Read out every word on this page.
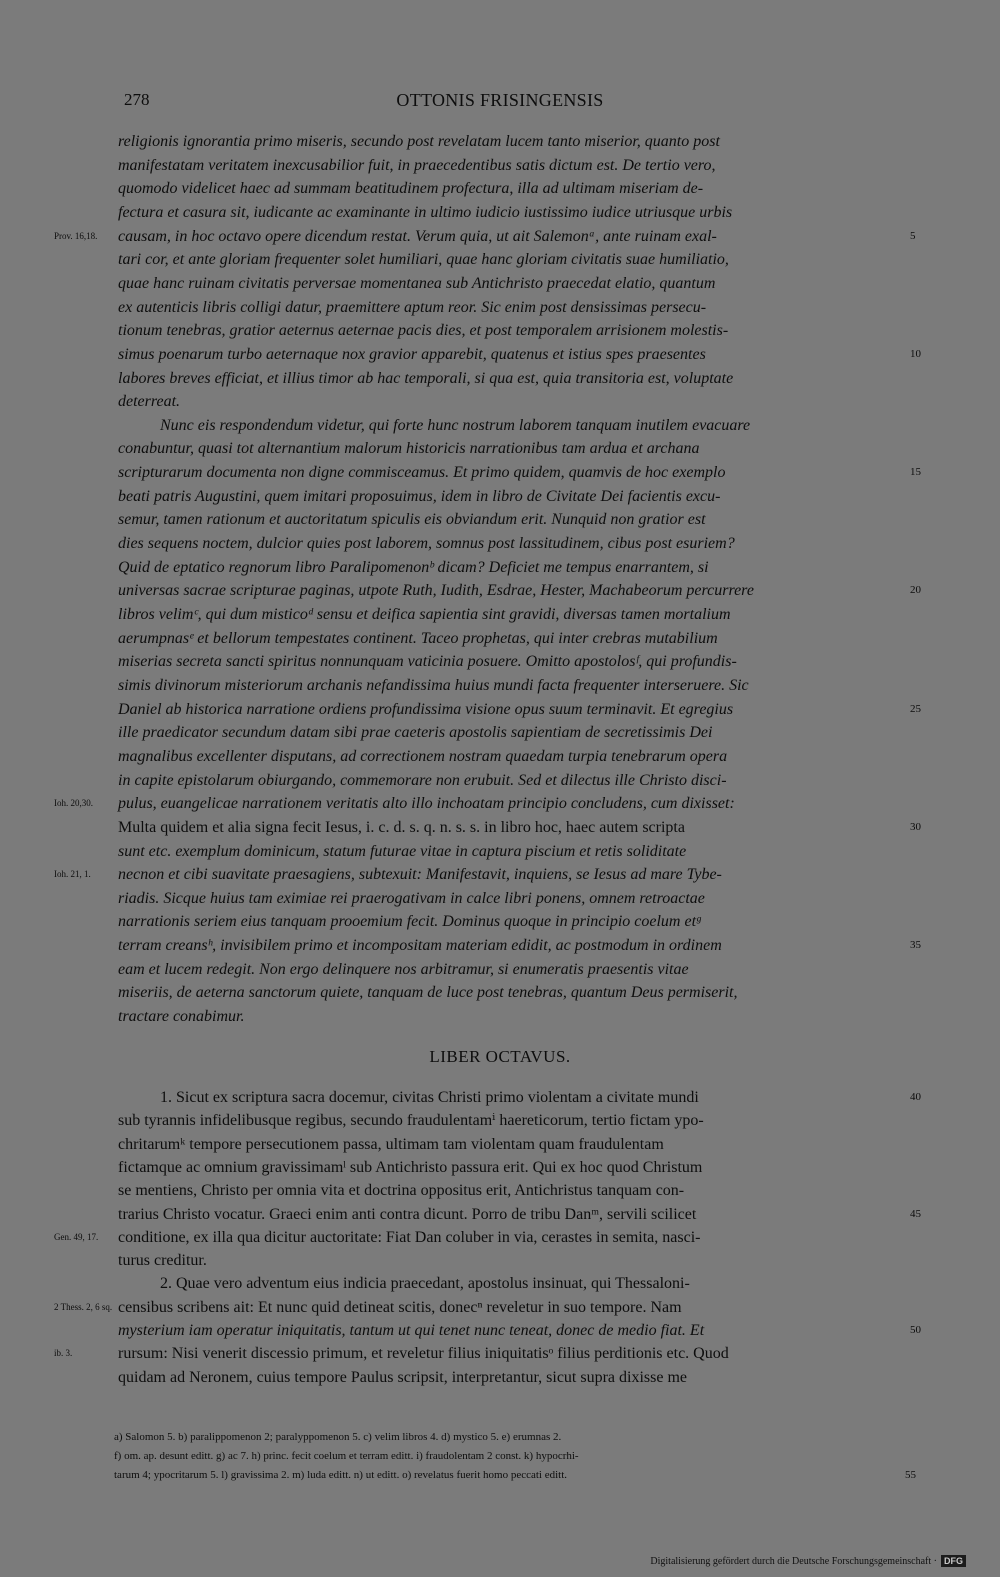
278	OTTONIS FRISINGENSIS
religionis ignorantia primo miseris, secundo post revelatam lucem tanto miserior, quanto post
manifestatam veritatem inexcusabilior fuit, in praecedentibus satis dictum est. De tertio vero,
quomodo videlicet haec ad summam beatitudinem profectura, illa ad ultimam miseriam de-
fectura et casura sit, iudicante ac examinante in ultimo iudicio iustissimo iudice utriusque urbis
Prov. 16,18.	causam, in hoc octavo opere dicendum restat. Verum quia, ut ait Salemonᵃ, ante ruinam exal-	5
tari cor, et ante gloriam frequenter solet humiliari, quae hanc gloriam civitatis suae humiliatio,
quae hanc ruinam civitatis perversae momentanea sub Antichristo praecedat elatio, quantum
ex autenticis libris colligi datur, praemittere aptum reor. Sic enim post densissimas persecu-
tionum tenebras, gratior aeternus aeternae pacis dies, et post temporalem arrisionem molestis-
simus poenarum turbo aeternaque nox gravior apparebit, quatenus et istius spes praesentes	10
labores breves efficiat, et illius timor ab hac temporali, si qua est, quia transitoria est, voluptate
deterreat.
Nunc eis respondendum videtur, qui forte hunc nostrum laborem tanquam inutilem evacuare
conabuntur, quasi tot alternantium malorum historicis narrationibus tam ardua et archana
scripturarum documenta non digne commisceamus. Et primo quidem, quamvis de hoc exemplo	15
beati patris Augustini, quem imitari proposuimus, idem in libro de Civitate Dei facientis excu-
semur, tamen rationum et auctoritatum spiculis eis obviandum erit. Nunquid non gratior est
dies sequens noctem, dulcior quies post laborem, somnus post lassitudinem, cibus post esuriem?
Quid de eptatico regnorum libro Paralipomenonᵇ dicam? Deficiet me tempus enarrantem, si
universas sacrae scripturae paginas, utpote Ruth, Iudith, Esdrae, Hester, Machabeorum percurrere	20
libros velimᶜ, qui dum misticoᵈ sensu et deifica sapientia sint gravidi, diversas tamen mortalium
aerumpnasᵉ et bellorum tempestates continent. Taceo prophetas, qui inter crebras mutabilium
miserias secreta sancti spiritus nonnunquam vaticinia posuere. Omitto apostolosᶠ, qui profundis-
simis divinorum misteriorum archanis nefandissima huius mundi facta frequenter interseruere. Sic
Daniel ab historica narratione ordiens profundissima visione opus suum terminavit. Et egregius	25
ille praedicator secundum datam sibi prae caeteris apostolis sapientiam de secretissimis Dei
magnalibus excellenter disputans, ad correctionem nostram quaedam turpia tenebrarum opera
in capite epistolarum obiurgando, commemorare non erubuit. Sed et dilectus ille Christo disci-
Ioh. 20,30.	pulus, euangelicae narrationem veritatis alto illo inchoatam principio concludens, cum dixisset:
Multa quidem et alia signa fecit Iesus, i. c. d. s. q. n. s. s. in libro hoc, haec autem scripta	30
sunt etc. exemplum dominicum, statum futurae vitae in captura piscium et retis soliditate
Ioh. 21, 1.	necnon et cibi suavitate praesagiens, subtexuit: Manifestavit, inquiens, se Iesus ad mare Tybe-
riadis. Sicque huius tam eximiae rei praerogativam in calce libri ponens, omnem retroactae
narrationis seriem eius tanquam prooemium fecit. Dominus quoque in principio coelum etᵍ
terram creansʰ, invisibilem primo et incompositam materiam edidit, ac postmodum in ordinem	35
eam et lucem redegit. Non ergo delinquere nos arbitramur, si enumeratis praesentis vitae
miseriis, de aeterna sanctorum quiete, tanquam de luce post tenebras, quantum Deus permiserit,
tractare conabimur.
LIBER OCTAVUS.
1. Sicut ex scriptura sacra docemur, civitas Christi primo violentam a civitate mundi	40
sub tyrannis infidelibusque regibus, secundo fraudulentamⁱ haereticorum, tertio fictam ypo-
chritarumᵏ tempore persecutionem passa, ultimam tam violentam quam fraudulentam
fictamque ac omnium gravissimamˡ sub Antichristo passura erit. Qui ex hoc quod Christum
se mentiens, Christo per omnia vita et doctrina oppositus erit, Antichristus tanquam con-
trarius Christo vocatur. Graeci enim anti contra dicunt. Porro de tribu Danᵐ, servili scilicet	45
Gen. 49, 17.	conditione, ex illa qua dicitur auctoritate: Fiat Dan coluber in via, cerastes in semita, nasci-
turus creditur.
2. Quae vero adventum eius indicia praecedant, apostolus insinuat, qui Thessaloni-
2 Thess. 2, 6 sq. censibus scribens ait: Et nunc quid detineat scitis, donecⁿ reveletur in suo tempore. Nam
mysterium iam operatur iniquitatis, tantum ut qui tenet nunc teneat, donec de medio fiat. Et	50
ib. 3.	rursum: Nisi venerit discessio primum, et reveletur filius iniquitatisᵒ filius perditionis etc. Quod
quidam ad Neronem, cuius tempore Paulus scripsit, interpretantur, sicut supra dixisse me
a) Salomon 5. b) paralippomenon 2; paralyppomenon 5. c) velim libros 4. d) mystico 5. e) erumnas 2.
f) om. ap. desunt editt. g) ac 7. h) princ. fecit coelum et terram editt. i) fraudolentam 2 const. k) hypocrhi-
tarum 4; ypocritarum 5. l) gravissima 2. m) luda editt. n) ut editt. o) revelatus fuerit homo peccati editt.	55
Digitalisierung gefördert durch die Deutsche Forschungsgemeinschaft · DFG
